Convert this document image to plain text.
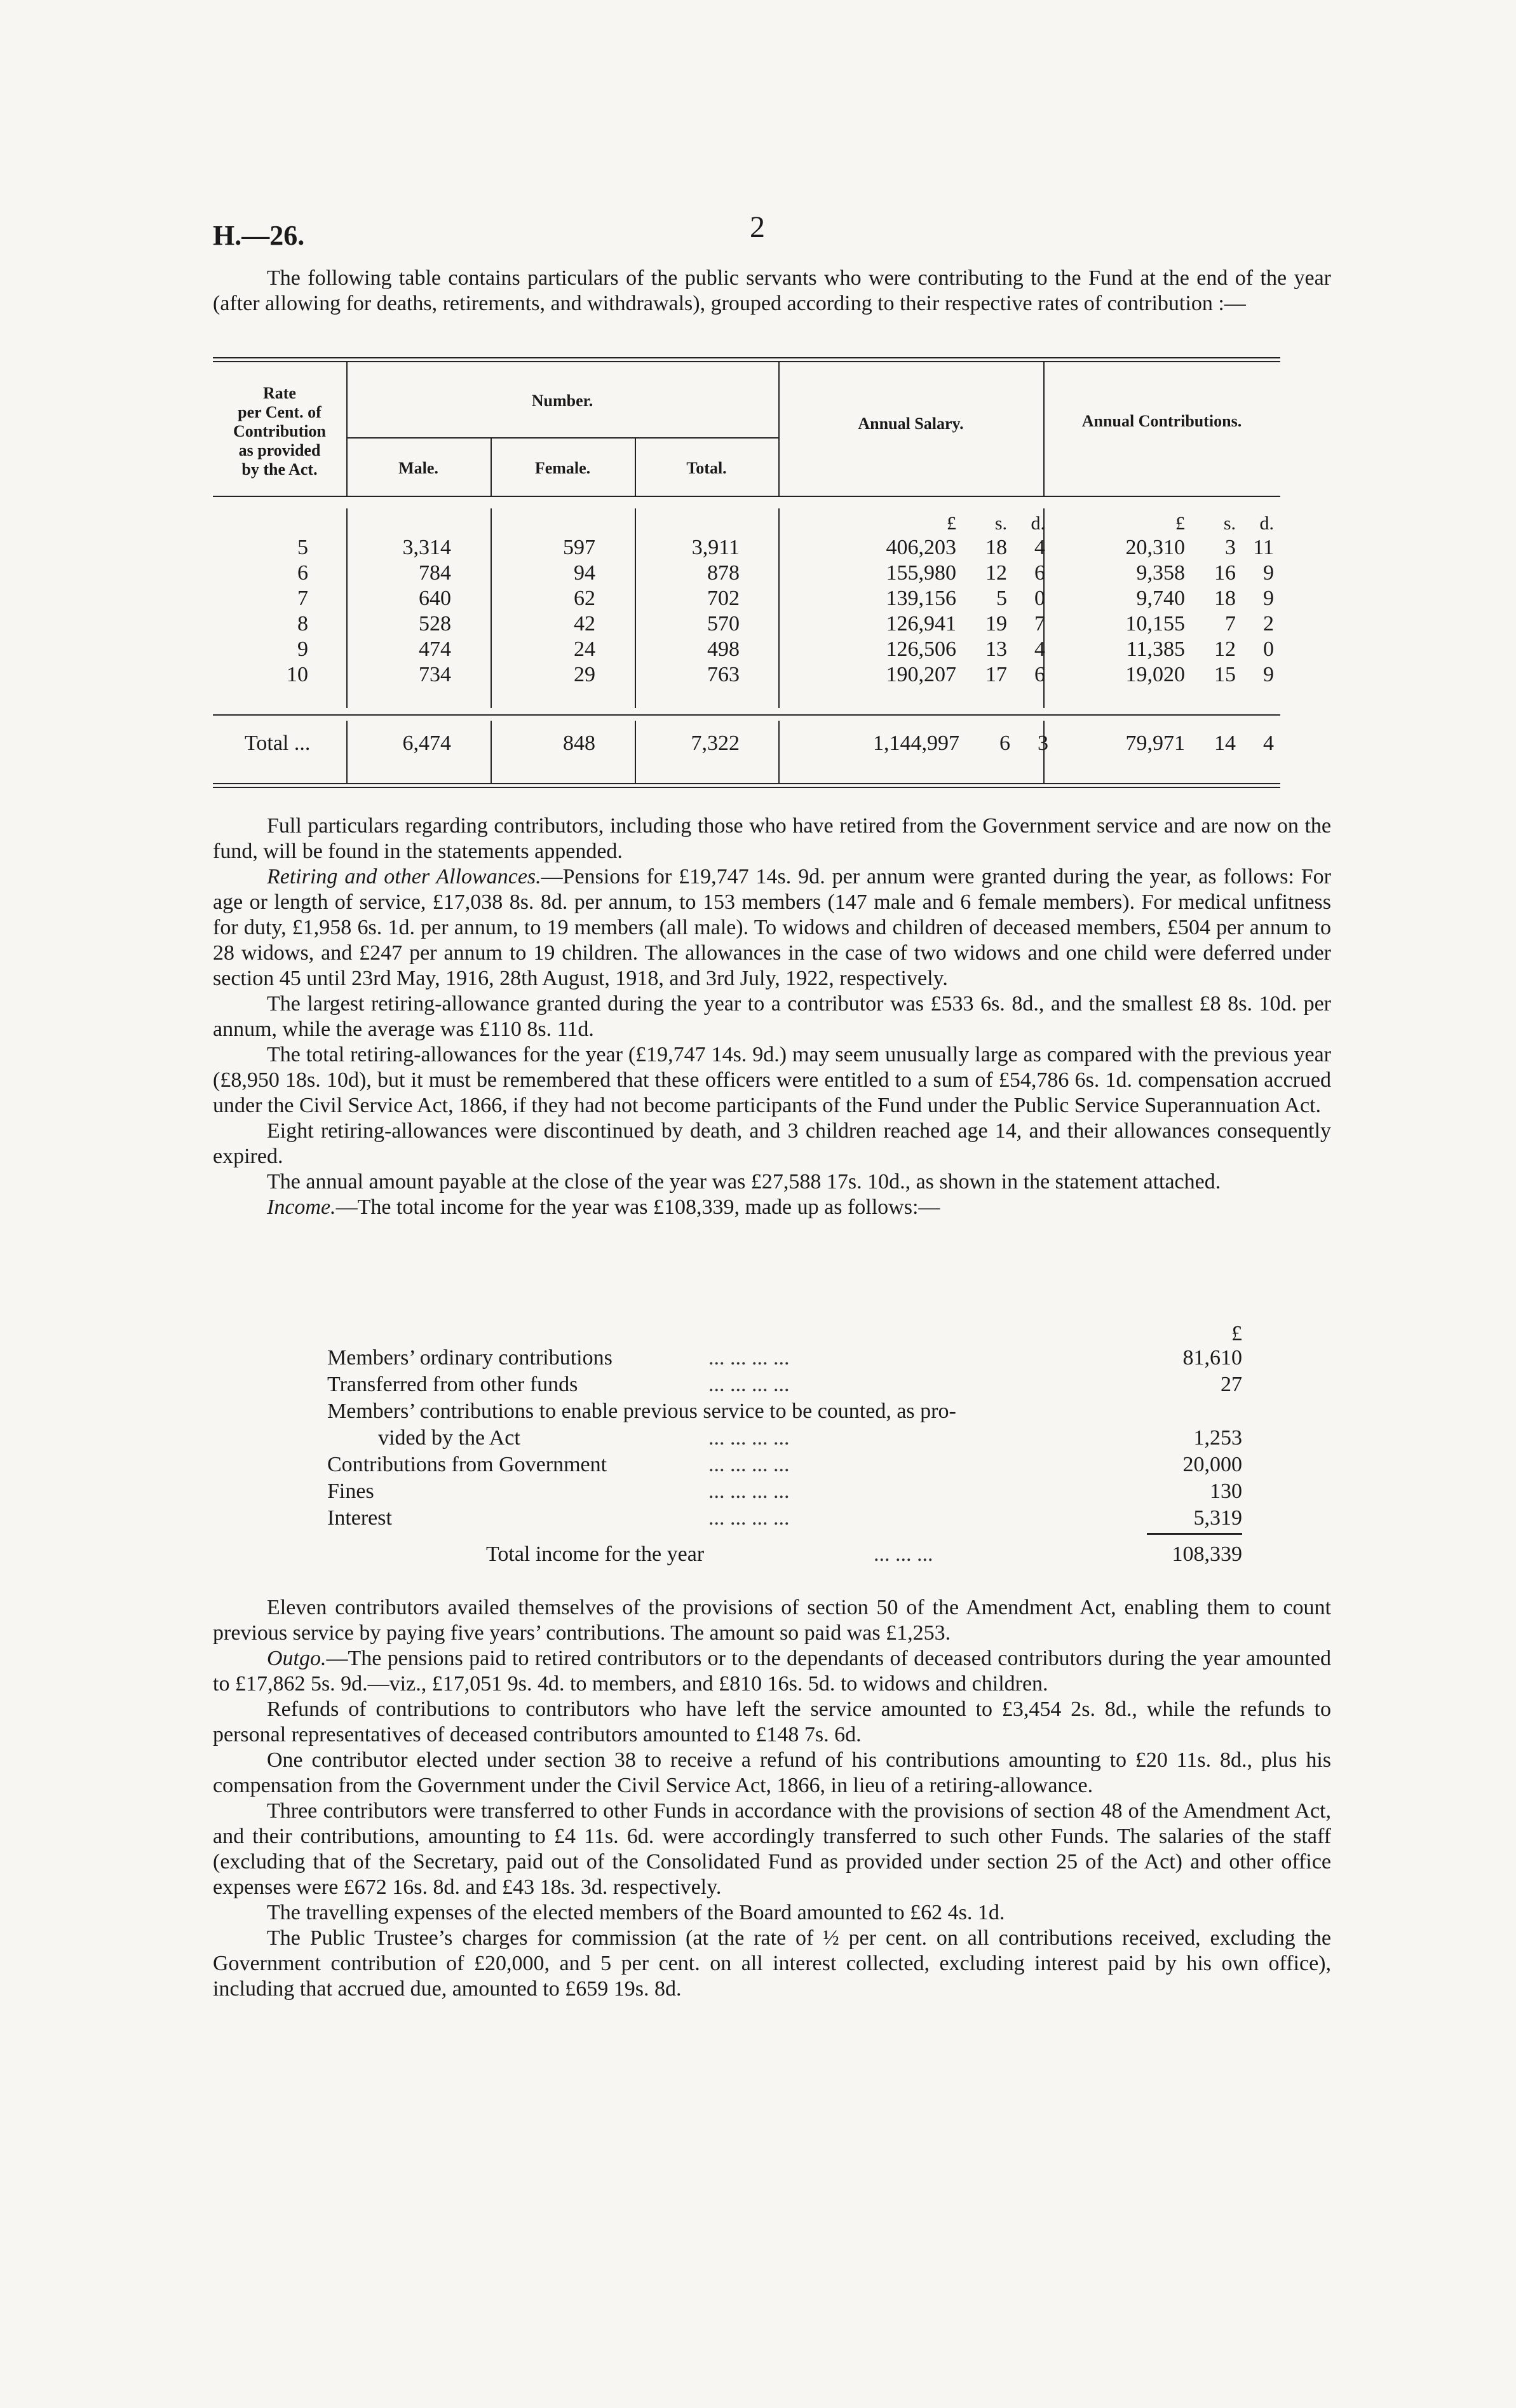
H.—26.	2
The following table contains particulars of the public servants who were contributing to the Fund at the end of the year (after allowing for deaths, retirements, and withdrawals), grouped according to their respective rates of contribution :—
Rate
per Cent. of
Contribution
as provided
by the Act.
Number.
Male.	Female.	Total.
Annual Salary.	Annual Contributions.
£ s. d.	£ s. d.
5	3,314	597	3,911	406,203 18 4	20,310 3 11
6	784	94	878	155,980 12 6	9,358 16 9
7	640	62	702	139,156 5 0	9,740 18 9
8	528	42	570	126,941 19 7	10,155 7 2
9	474	24	498	126,506 13 4	11,385 12 0
10	734	29	763	190,207 17 6	19,020 15 9
Total ...	6,474	848	7,322	1,144,997 6 3	79,971 14 4
Full particulars regarding contributors, including those who have retired from the Government service and are now on the fund, will be found in the statements appended.
Retiring and other Allowances.—Pensions for £19,747 14s. 9d. per annum were granted during the year, as follows: For age or length of service, £17,038 8s. 8d. per annum, to 153 members (147 male and 6 female members). For medical unfitness for duty, £1,958 6s. 1d. per annum, to 19 members (all male). To widows and children of deceased members, £504 per annum to 28 widows, and £247 per annum to 19 children. The allowances in the case of two widows and one child were deferred under section 45 until 23rd May, 1916, 28th August, 1918, and 3rd July, 1922, respectively.
The largest retiring-allowance granted during the year to a contributor was £533 6s. 8d., and the smallest £8 8s. 10d. per annum, while the average was £110 8s. 11d.
The total retiring-allowances for the year (£19,747 14s. 9d.) may seem unusually large as compared with the previous year (£8,950 18s. 10d), but it must be remembered that these officers were entitled to a sum of £54,786 6s. 1d. compensation accrued under the Civil Service Act, 1866, if they had not become participants of the Fund under the Public Service Superannuation Act.
Eight retiring-allowances were discontinued by death, and 3 children reached age 14, and their allowances consequently expired.
The annual amount payable at the close of the year was £27,588 17s. 10d., as shown in the statement attached.
Income.—The total income for the year was £108,339, made up as follows:—
£
Members’ ordinary contributions	... ... ... ...	81,610
Transferred from other funds	... ... ... ...	27
Members’ contributions to enable previous service to be counted, as pro-
vided by the Act	... ... ... ...	1,253
Contributions from Government	... ... ... ...	20,000
Fines	... ... ... ...	130
Interest	... ... ... ...	5,319
Total income for the year	... ... ...	108,339
Eleven contributors availed themselves of the provisions of section 50 of the Amendment Act, enabling them to count previous service by paying five years’ contributions. The amount so paid was £1,253.
Outgo.—The pensions paid to retired contributors or to the dependants of deceased contributors during the year amounted to £17,862 5s. 9d.—viz., £17,051 9s. 4d. to members, and £810 16s. 5d. to widows and children.
Refunds of contributions to contributors who have left the service amounted to £3,454 2s. 8d., while the refunds to personal representatives of deceased contributors amounted to £148 7s. 6d.
One contributor elected under section 38 to receive a refund of his contributions amounting to £20 11s. 8d., plus his compensation from the Government under the Civil Service Act, 1866, in lieu of a retiring-allowance.
Three contributors were transferred to other Funds in accordance with the provisions of section 48 of the Amendment Act, and their contributions, amounting to £4 11s. 6d. were accordingly transferred to such other Funds. The salaries of the staff (excluding that of the Secretary, paid out of the Consolidated Fund as provided under section 25 of the Act) and other office expenses were £672 16s. 8d. and £43 18s. 3d. respectively.
The travelling expenses of the elected members of the Board amounted to £62 4s. 1d.
The Public Trustee’s charges for commission (at the rate of ½ per cent. on all contributions received, excluding the Government contribution of £20,000, and 5 per cent. on all interest collected, excluding interest paid by his own office), including that accrued due, amounted to £659 19s. 8d.
